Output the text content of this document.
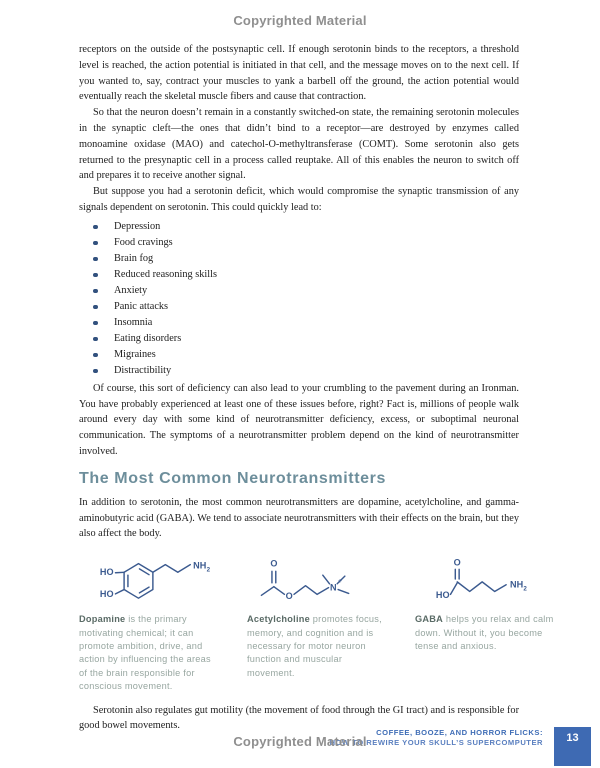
Copyrighted Material

receptors on the outside of the postsynaptic cell. If enough serotonin binds to the receptors, a threshold level is reached, the action potential is initiated in that cell, and the message moves on to the next cell. If you wanted to, say, contract your muscles to yank a barbell off the ground, the action potential would eventually reach the skeletal muscle fibers and cause that contraction.

So that the neuron doesn’t remain in a constantly switched-on state, the remaining serotonin molecules in the synaptic cleft—the ones that didn’t bind to a receptor—are destroyed by enzymes called monoamine oxidase (MAO) and catechol-O-methyltransferase (COMT). Some serotonin also gets returned to the presynaptic cell in a process called reuptake. All of this enables the neuron to switch off and prepares it to receive another signal.

But suppose you had a serotonin deficit, which would compromise the synaptic transmission of any signals dependent on serotonin. This could quickly lead to:

Depression
Food cravings
Brain fog
Reduced reasoning skills
Anxiety
Panic attacks
Insomnia
Eating disorders
Migraines
Distractibility

Of course, this sort of deficiency can also lead to your crumbling to the pavement during an Ironman. You have probably experienced at least one of these issues before, right? Fact is, millions of people walk around every day with some kind of neurotransmitter deficiency, excess, or suboptimal neuronal communication. The symptoms of a neurotransmitter problem depend on the kind of neurotransmitter involved.

The Most Common Neurotransmitters

In addition to serotonin, the most common neurotransmitters are dopamine, acetylcholine, and gamma-aminobutyric acid (GABA). We tend to associate neurotransmitters with their effects on the brain, but they also affect the body.

HO
HO
NH 2

Dopamine is the primary motivating chemical; it can promote ambition, drive, and action by influencing the areas of the brain responsible for conscious movement.

O
O
N
+

Acetylcholine promotes focus, memory, and cognition and is necessary for motor neuron function and muscular movement.

O
HO
NH 2

GABA helps you relax and calm down. Without it, you become tense and anxious.

Serotonin also regulates gut motility (the movement of food through the GI tract) and is responsible for good bowel movements.

Copyrighted Material
COFFEE, BOOZE, AND HORROR FLICKS:
HOW TO REWIRE YOUR SKULL’S SUPERCOMPUTER	13
